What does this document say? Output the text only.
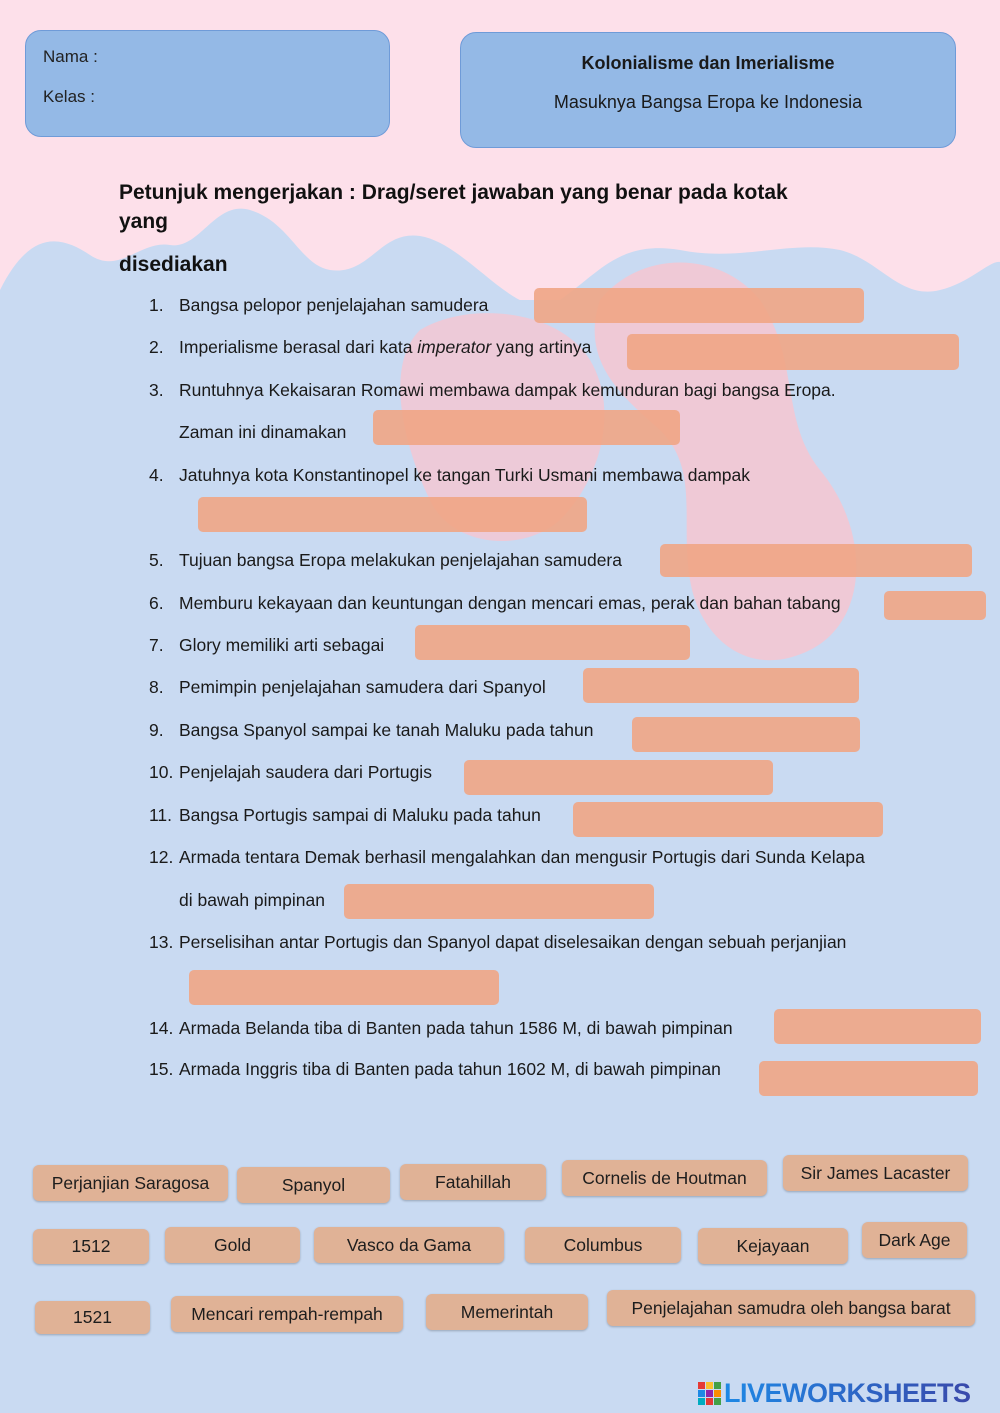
Nama :
Kelas :
Kolonialisme dan Imerialisme
Masuknya Bangsa Eropa ke Indonesia
Petunjuk mengerjakan : Drag/seret jawaban yang benar pada kotak
yang
disediakan
1. Bangsa pelopor penjelajahan samudera
2. Imperialisme berasal dari kata imperator yang artinya
3. Runtuhnya Kekaisaran Romawi membawa dampak kemunduran bagi bangsa Eropa.
Zaman ini dinamakan
4. Jatuhnya kota Konstantinopel ke tangan Turki Usmani membawa dampak
5. Tujuan bangsa Eropa melakukan penjelajahan samudera
6. Memburu kekayaan dan keuntungan dengan mencari emas, perak dan bahan tabang
7. Glory memiliki arti sebagai
8. Pemimpin penjelajahan samudera dari Spanyol
9. Bangsa Spanyol sampai ke tanah Maluku pada tahun
10. Penjelajah saudera dari Portugis
11. Bangsa Portugis sampai di Maluku pada tahun
12. Armada tentara Demak berhasil mengalahkan dan mengusir Portugis dari Sunda Kelapa
di bawah pimpinan
13. Perselisihan antar Portugis dan Spanyol dapat diselesaikan dengan sebuah perjanjian
14. Armada Belanda tiba di Banten pada tahun 1586 M, di bawah pimpinan
15. Armada Inggris tiba di Banten pada tahun 1602 M, di bawah pimpinan
Perjanjian Saragosa	Spanyol	Fatahillah	Cornelis de Houtman	Sir James Lacaster
1512	Gold	Vasco da Gama	Columbus	Kejayaan	Dark Age
1521	Mencari rempah-rempah	Memerintah	Penjelajahan samudra oleh bangsa barat
LIVEWORKSHEETS
